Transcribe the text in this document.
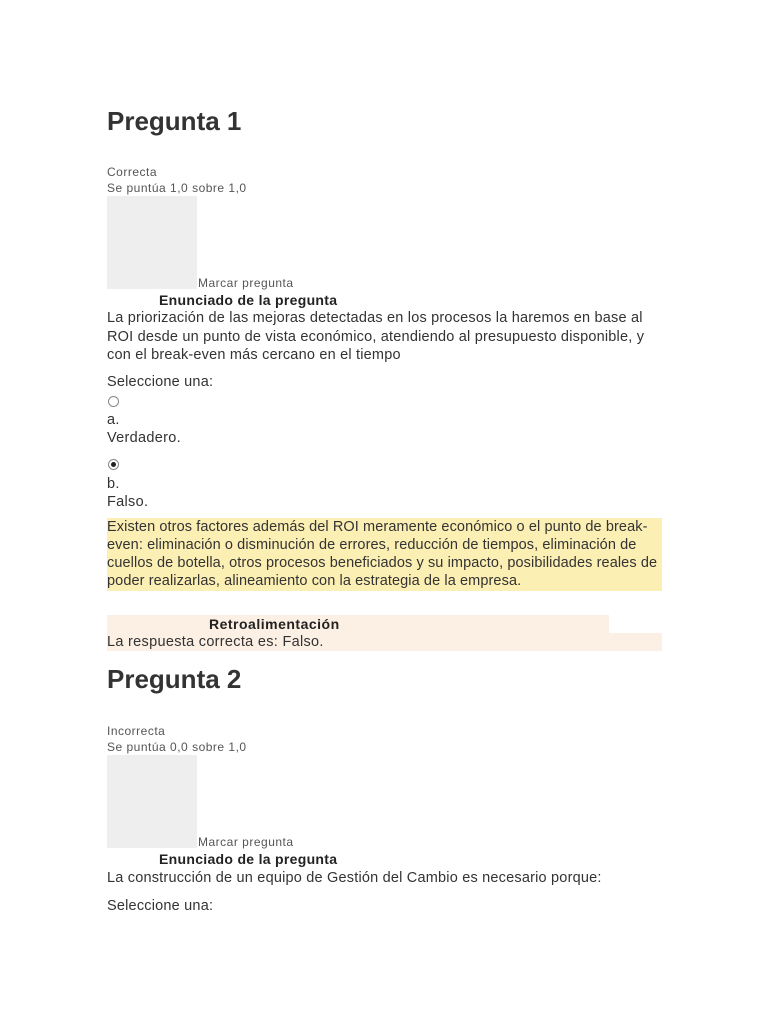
Pregunta 1
Correcta
Se puntúa 1,0 sobre 1,0
Marcar pregunta
Enunciado de la pregunta
La priorización de las mejoras detectadas en los procesos la haremos en base al ROI desde un punto de vista económico, atendiendo al presupuesto disponible, y con el break-even más cercano en el tiempo
Seleccione una:
a.
Verdadero.
b.
Falso.
Existen otros factores además del ROI meramente económico o el punto de break-even: eliminación o disminución de errores, reducción de tiempos, eliminación de cuellos de botella, otros procesos beneficiados y su impacto, posibilidades reales de poder realizarlas, alineamiento con la estrategia de la empresa.
Retroalimentación
La respuesta correcta es: Falso.
Pregunta 2
Incorrecta
Se puntúa 0,0 sobre 1,0
Marcar pregunta
Enunciado de la pregunta
La construcción de un equipo de Gestión del Cambio es necesario porque:
Seleccione una:
